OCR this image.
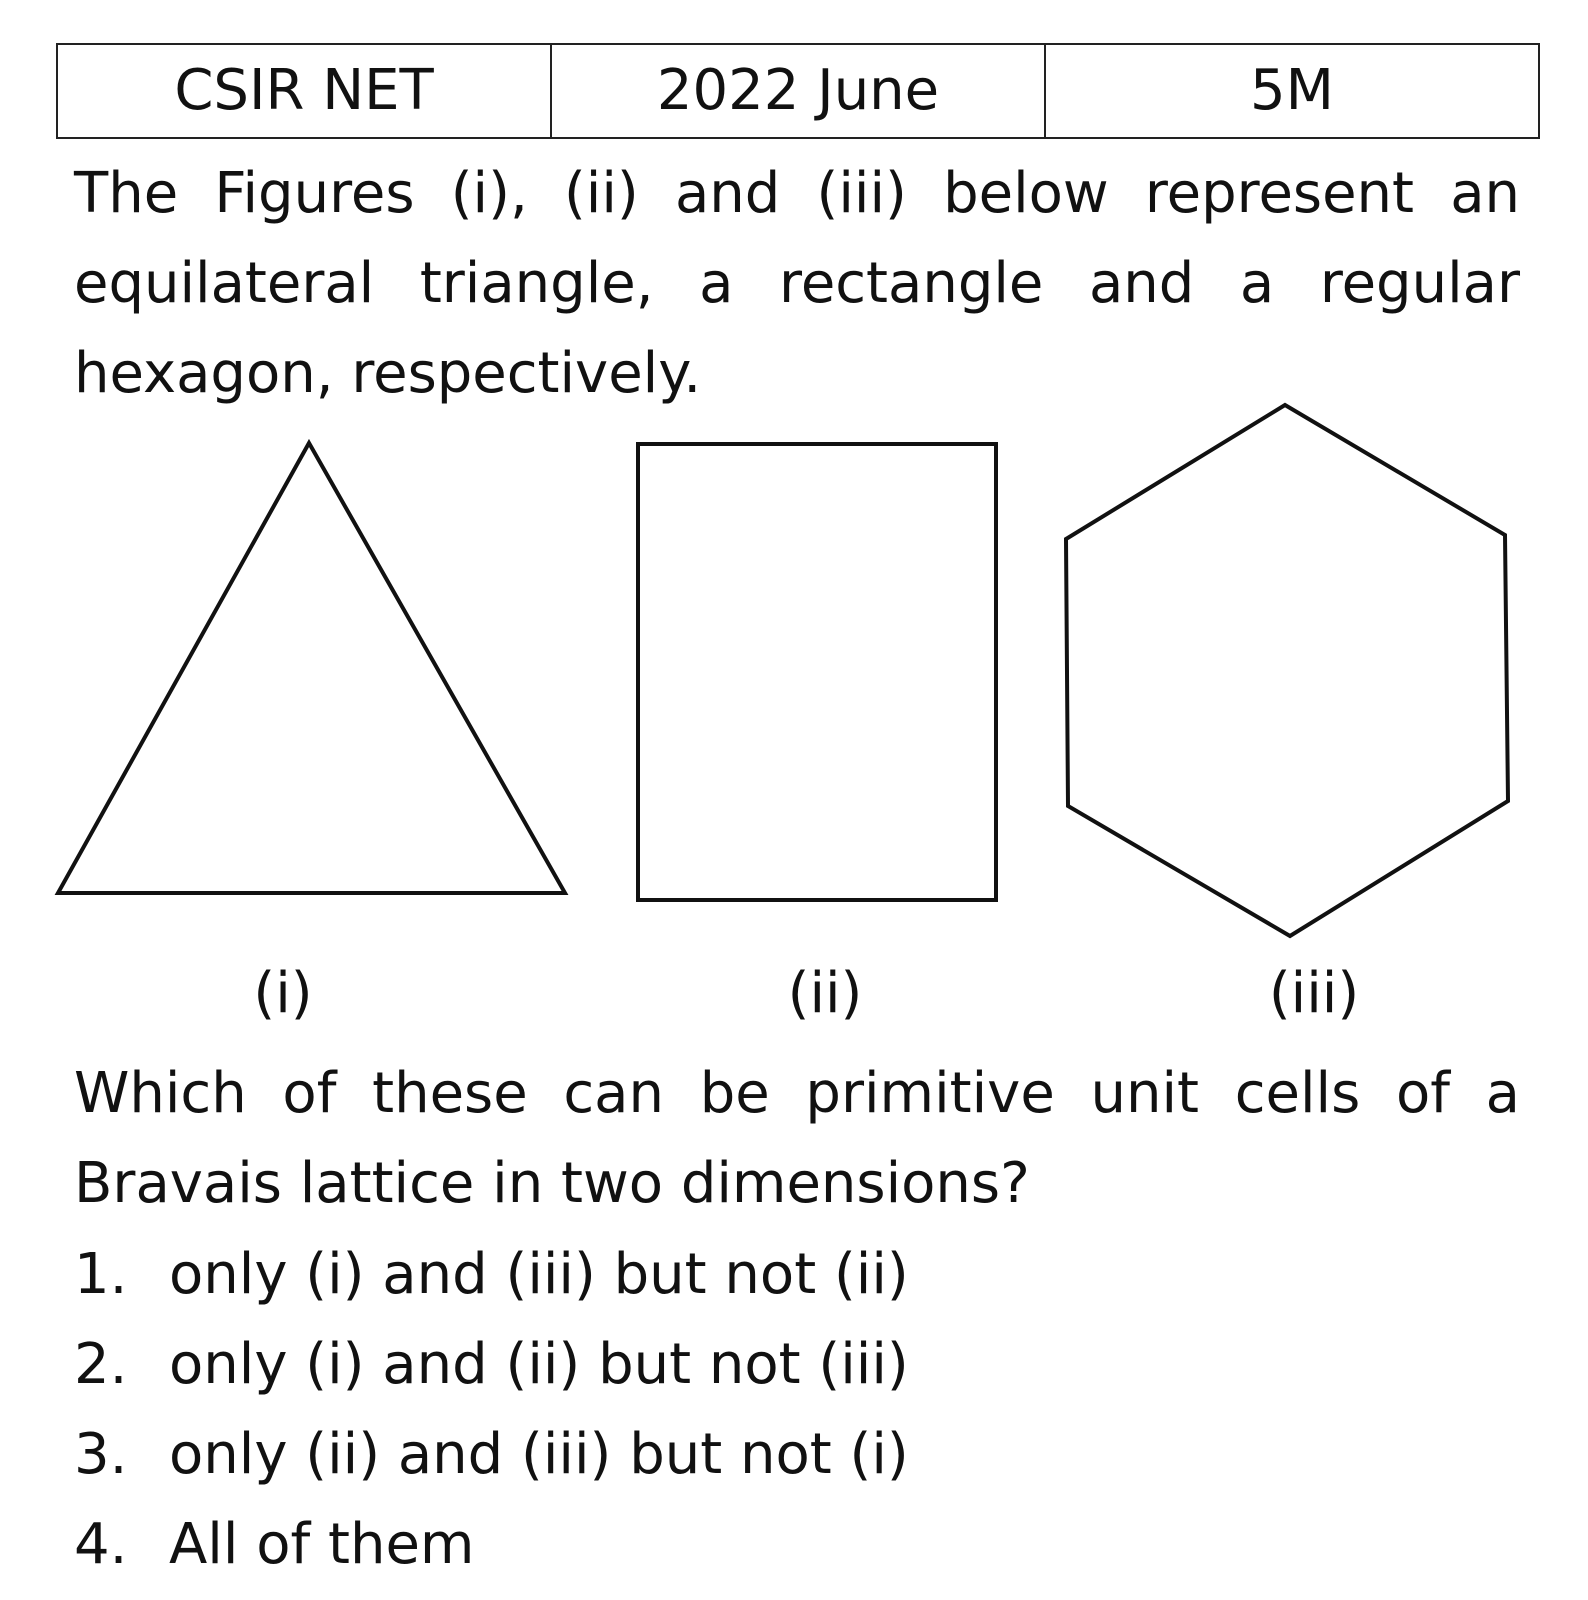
CSIR NET	2022 June	5M

The Figures (i), (ii) and (iii) below represent an equilateral triangle, a rectangle and a regular hexagon, respectively.

(i)	(ii)	(iii)

Which of these can be primitive unit cells of a Bravais lattice in two dimensions?

1. only (i) and (iii) but not (ii)
2. only (i) and (ii) but not (iii)
3. only (ii) and (iii) but not (i)
4. All of them
